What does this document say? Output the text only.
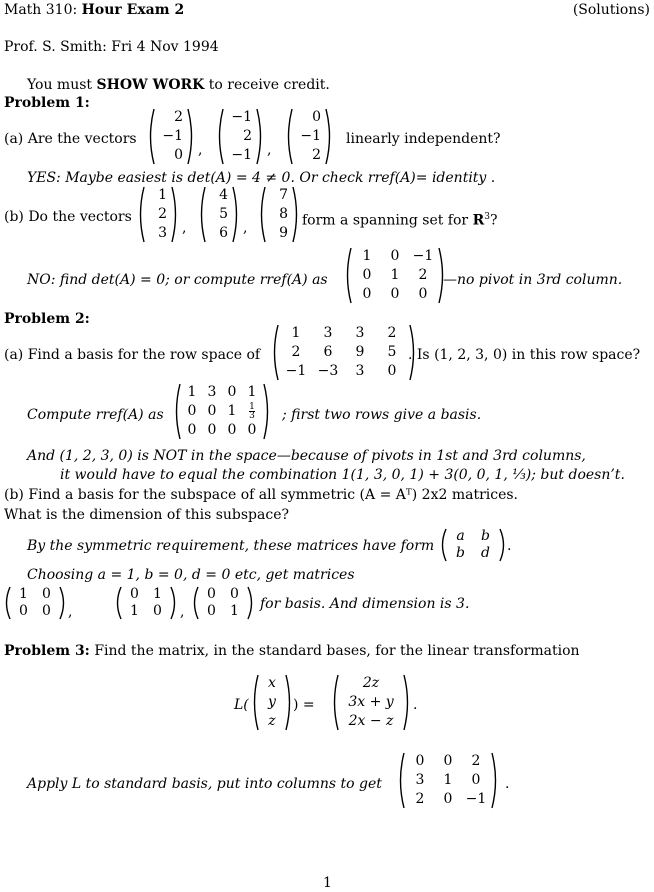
Math 310: Hour Exam 2	(Solutions)
Prof. S. Smith: Fri 4 Nov 1994
You must SHOW WORK to receive credit.
Problem 1:
(a) Are the vectors
2
−1
0 ,
−1
2
−1 ,
0
−1
2
linearly independent?
YES: Maybe easiest is det(A) = 4 ≠ 0. Or check rref(A)= identity .
(b) Do the vectors
1
2
3 ,
4
5
6 ,
7
8
9
form a spanning set for $R^3$?
NO: find det(A) = 0; or compute rref(A) as
1	0 −1
0	1	2
0	0	0
—no pivot in 3rd column.
Problem 2:
(a) Find a basis for the row space of
1	3	3	2
2	6	9	5
−1 −3	3	0
. Is (1, 2, 3, 0) in this row space?
Compute rref(A) as
1 3 0 1
0 0 1	$\frac{1}{3}$
0 0 0 0
; first two rows give a basis.
And (1, 2, 3, 0) is NOT in the space—because of pivots in 1st and 3rd columns,
it would have to equal the combination 1(1, 3, 0, 1) + 3(0, 0, 1, ⅓); but doesn’t.
(b) Find a basis for the subspace of all symmetric (A = Aᵀ) 2x2 matrices.
What is the dimension of this subspace?
By the symmetric requirement, these matrices have form
a	b
b	d	.
Choosing a = 1, b = 0, d = 0 etc, get matrices
1	0
0	0	,
0	1
1	0	,
0	0
0	1	for basis. And dimension is 3.
Problem 3: Find the matrix, in the standard bases, for the linear transformation
L(
x
y
z
) =
2z
3x + y
2x − z
.
Apply L to standard basis, put into columns to get
0	0	2
3	1	0
2	0 −1
.
1
